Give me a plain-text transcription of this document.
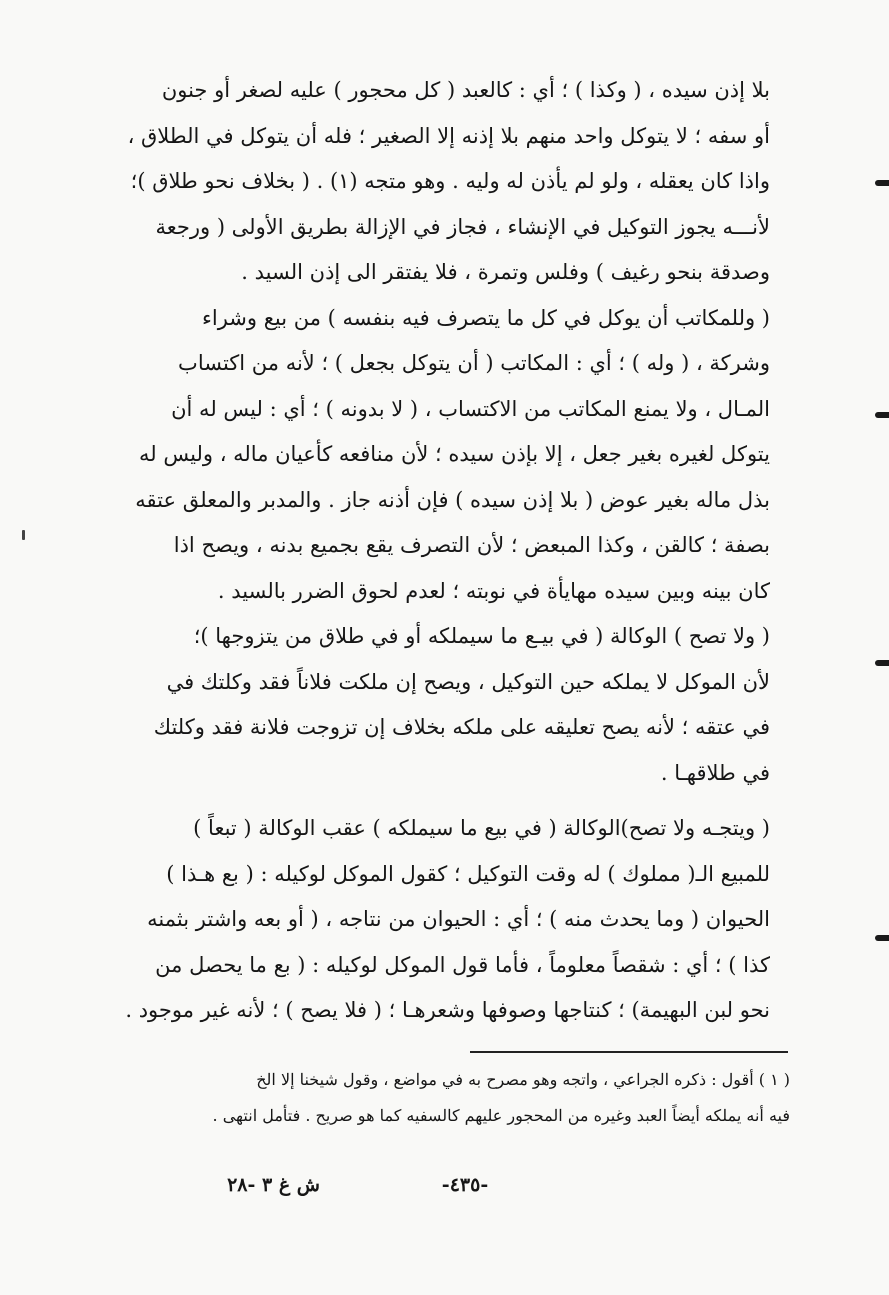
بلا إذن سيده ، ( وكذا ) ؛ أي : كالعبد ( كل محجور ) عليه لصغر أو جنون
أو سفه ؛ لا يتوكل واحد منهم بلا إذنه إلا الصغير ؛ فله أن يتوكل في الطلاق ،
واذا كان يعقله ، ولو لم يأذن له وليه . وهو متجه (١) . ( بخلاف نحو طلاق )؛
لأنـــه يجوز التوكيل في الإنشاء ، فجاز في الإزالة بطريق الأولى ( ورجعة
وصدقة بنحو رغيف ) وفلس وتمرة ، فلا يفتقر الى إذن السيد .
( وللمكاتب أن يوكل في كل ما يتصرف فيه بنفسه ) من بيع وشراء
وشركة ، ( وله ) ؛ أي : المكاتب ( أن يتوكل بجعل ) ؛ لأنه من اكتساب
المـال ، ولا يمنع المكاتب من الاكتساب ، ( لا بدونه ) ؛ أي : ليس له أن
يتوكل لغيره بغير جعل ، إلا بإذن سيده ؛ لأن منافعه كأعيان ماله ، وليس له
بذل ماله بغير عوض ( بلا إذن سيده ) فإن أذنه جاز . والمدبر والمعلق عتقه
بصفة ؛ كالقن ، وكذا المبعض ؛ لأن التصرف يقع بجميع بدنه ، ويصح اذا
كان بينه وبين سيده مهايأة في نوبته ؛ لعدم لحوق الضرر بالسيد .
( ولا تصح ) الوكالة ( في بيـع ما سيملكه أو في طلاق من يتزوجها )؛
لأن الموكل لا يملكه حين التوكيل ، ويصح إن ملكت فلاناً فقد وكلتك في
في عتقه ؛ لأنه يصح تعليقه على ملكه بخلاف إن تزوجت فلانة فقد وكلتك
في طلاقهـا .
( ويتجـه ولا تصح)الوكالة ( في بيع ما سيملكه ) عقب الوكالة ( تبعاً )
للمبيع الـ( مملوك ) له وقت التوكيل ؛ كقول الموكل لوكيله : ( بع هـذا )
الحيوان ( وما يحدث منه ) ؛ أي : الحيوان من نتاجه ، ( أو بعه واشتر بثمنه
كذا ) ؛ أي : شقصاً معلوماً ، فأما قول الموكل لوكيله : ( بع ما يحصل من
نحو لبن البهيمة) ؛ كنتاجها وصوفها وشعرهـا ؛ ( فلا يصح ) ؛ لأنه غير موجود .
( ١ ) أقول : ذكره الجراعي ، واتجه وهو مصرح به في مواضع ، وقول شيخنا إلا الخ
فيه أنه يملكه أيضاً العبد وغيره من المحجور عليهم كالسفيه كما هو صريح . فتأمل انتهى .
-٤٣٥-
ش غ ٣ -٢٨
